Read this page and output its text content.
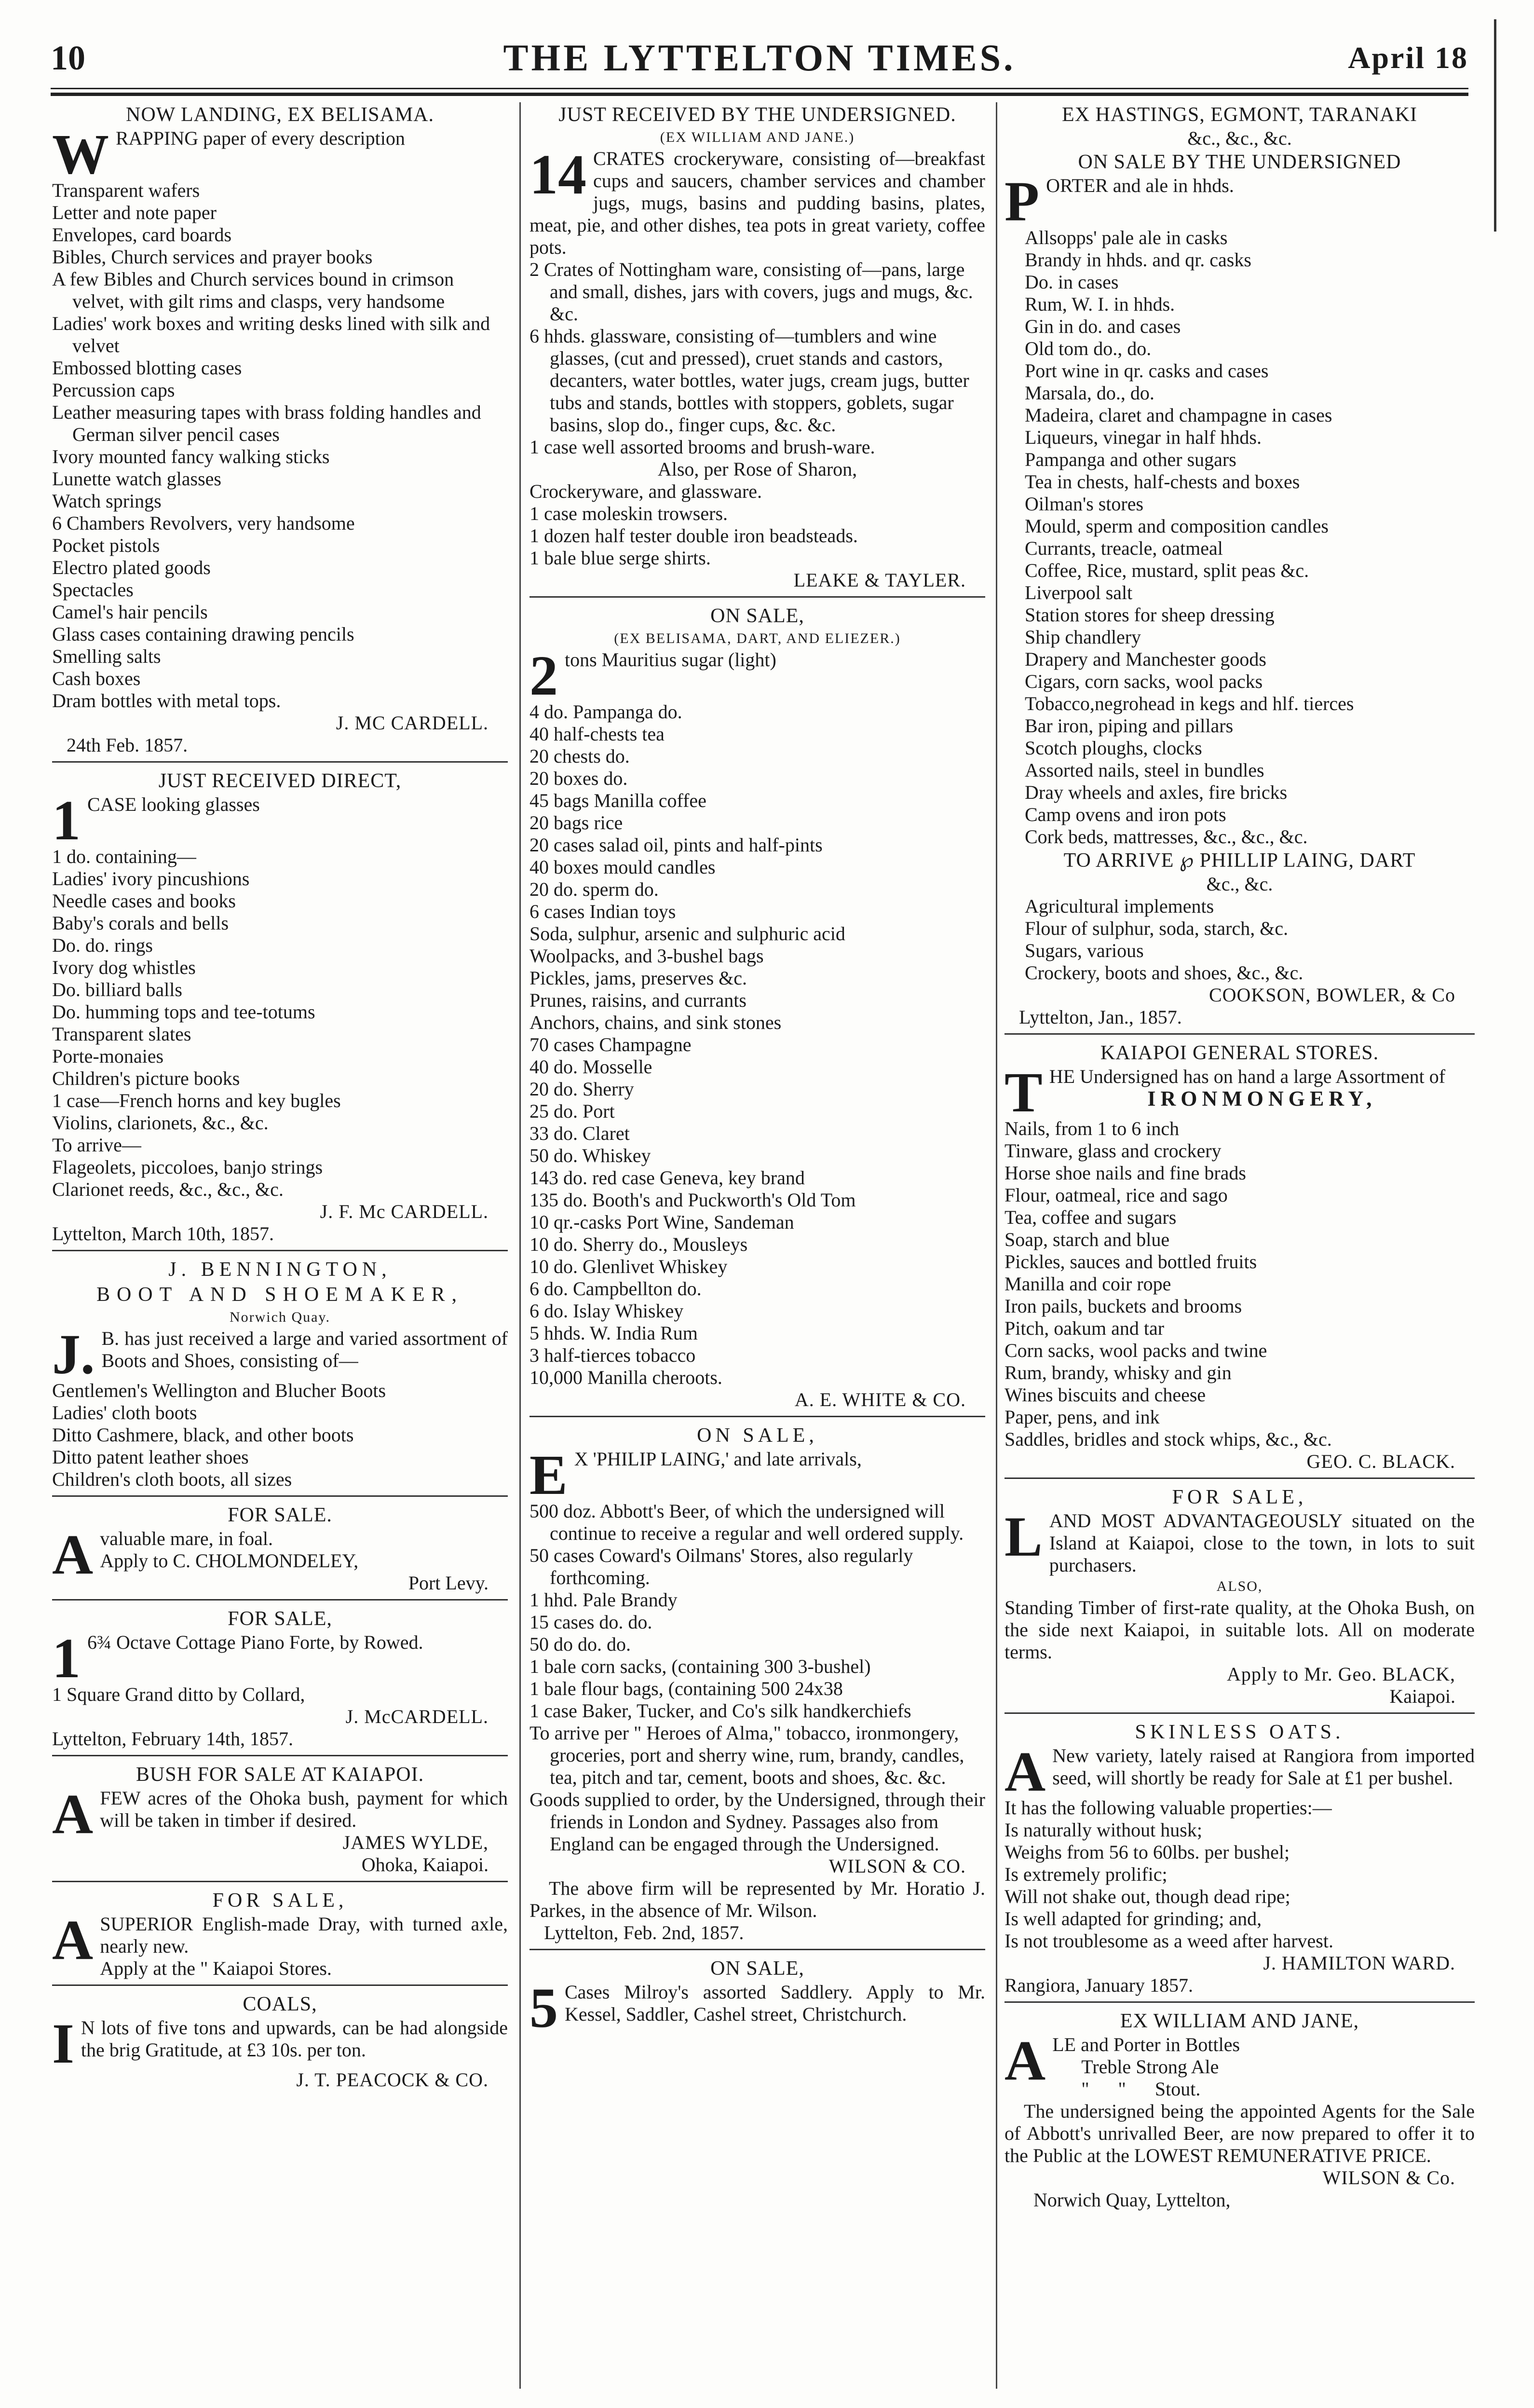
10	THE LYTTELTON TIMES.	April 18
NOW LANDING, EX BELISAMA.
WRAPPING paper of every description
Transparent wafers
Letter and note paper
Envelopes, card boards
Bibles, Church services and prayer books
A few Bibles and Church services bound in crimson velvet, with gilt rims and clasps, very handsome
Ladies' work boxes and writing desks lined with silk and velvet
Embossed blotting cases
Percussion caps
Leather measuring tapes with brass folding handles and German silver pencil cases
Ivory mounted fancy walking sticks
Lunette watch glasses
Watch springs
6 Chambers Revolvers, very handsome
Pocket pistols
Electro plated goods
Spectacles
Camel's hair pencils
Glass cases containing drawing pencils
Smelling salts
Cash boxes
Dram bottles with metal tops.
J. MC CARDELL.
24th Feb. 1857.
JUST RECEIVED DIRECT,
1 CASE looking glasses
1 do. containing—
Ladies' ivory pincushions
Needle cases and books
Baby's corals and bells
Do. do. rings
Ivory dog whistles
Do. billiard balls
Do. humming tops and tee-totums
Transparent slates
Porte-monaies
Children's picture books
1 case—French horns and key bugles
Violins, clarionets, &c., &c.
To arrive—
Flageolets, piccoloes, banjo strings
Clarionet reeds, &c., &c., &c.
J. F. Mc CARDELL.
Lyttelton, March 10th, 1857.
J. BENNINGTON,
BOOT AND SHOEMAKER,
Norwich Quay.
J. B. has just received a large and varied assortment of Boots and Shoes, consisting of—
Gentlemen's Wellington and Blucher Boots
Ladies' cloth boots
Ditto Cashmere, black, and other boots
Ditto patent leather shoes
Children's cloth boots, all sizes
FOR SALE.
Avaluable mare, in foal.
Apply to C. CHOLMONDELEY,
Port Levy.
FOR SALE,
1 6¾ Octave Cottage Piano Forte, by Rowed.
1 Square Grand ditto by Collard,
J. McCARDELL.
Lyttelton, February 14th, 1857.
BUSH FOR SALE AT KAIAPOI.
AFEW acres of the Ohoka bush, payment for which will be taken in timber if desired.
JAMES WYLDE,
Ohoka, Kaiapoi.
FOR SALE,
ASUPERIOR English-made Dray, with turned axle, nearly new.
Apply at the " Kaiapoi Stores.
COALS,
I N lots of five tons and upwards, can be had alongside the brig Gratitude, at £3 10s. per ton.
J. T. PEACOCK & CO.
JUST RECEIVED BY THE UNDERSIGNED.
(EX WILLIAM AND JANE.)
14 CRATES crockeryware, consisting of—breakfast cups and saucers, chamber services and chamber jugs, mugs, basins and pudding basins, plates, meat, pie, and other dishes, tea pots in great variety, coffee pots.
2 Crates of Nottingham ware, consisting of—pans, large and small, dishes, jars with covers, jugs and mugs, &c. &c.
6 hhds. glassware, consisting of—tumblers and wine glasses, (cut and pressed), cruet stands and castors, decanters, water bottles, water jugs, cream jugs, butter tubs and stands, bottles with stoppers, goblets, sugar basins, slop do., finger cups, &c. &c.
1 case well assorted brooms and brush-ware.
Also, per Rose of Sharon,
Crockeryware, and glassware.
1 case moleskin trowsers.
1 dozen half tester double iron beadsteads.
1 bale blue serge shirts.
LEAKE & TAYLER.
ON SALE,
(EX BELISAMA, DART, AND ELIEZER.)
2 tons Mauritius sugar (light)
4 do. Pampanga do.
40 half-chests tea
20 chests do.
20 boxes do.
45 bags Manilla coffee
20 bags rice
20 cases salad oil, pints and half-pints
40 boxes mould candles
20 do. sperm do.
6 cases Indian toys
Soda, sulphur, arsenic and sulphuric acid
Woolpacks, and 3-bushel bags
Pickles, jams, preserves &c.
Prunes, raisins, and currants
Anchors, chains, and sink stones
70 cases Champagne
40 do. Mosselle
20 do. Sherry
25 do. Port
33 do. Claret
50 do. Whiskey
143 do. red case Geneva, key brand
135 do. Booth's and Puckworth's Old Tom
10 qr.-casks Port Wine, Sandeman
10 do. Sherry do., Mousleys
10 do. Glenlivet Whiskey
6 do. Campbellton do.
6 do. Islay Whiskey
5 hhds. W. India Rum
3 half-tierces tobacco
10,000 Manilla cheroots.
A. E. WHITE & CO.
ON SALE,
E X 'PHILIP LAING,' and late arrivals,
500 doz. Abbott's Beer, of which the undersigned will continue to receive a regular and well ordered supply.
50 cases Coward's Oilmans' Stores, also regularly forthcoming.
1 hhd. Pale Brandy
15 cases do. do.
50 do do. do.
1 bale corn sacks, (containing 300 3-bushel)
1 bale flour bags, (containing 500 24x38
1 case Baker, Tucker, and Co's silk handkerchiefs
To arrive per " Heroes of Alma," tobacco, ironmongery, groceries, port and sherry wine, rum, brandy, candles, tea, pitch and tar, cement, boots and shoes, &c. &c.
Goods supplied to order, by the Undersigned, through their friends in London and Sydney. Passages also from England can be engaged through the Undersigned.
WILSON & CO.
The above firm will be represented by Mr. Horatio J. Parkes, in the absence of Mr. Wilson.
Lyttelton, Feb. 2nd, 1857.
ON SALE,
5 Cases Milroy's assorted Saddlery. Apply to Mr. Kessel, Saddler, Cashel street, Christchurch.
EX HASTINGS, EGMONT, TARANAKI
&c., &c., &c.
ON SALE BY THE UNDERSIGNED
PORTER and ale in hhds.
Allsopps' pale ale in casks
Brandy in hhds. and qr. casks
Do. in cases
Rum, W. I. in hhds.
Gin in do. and cases
Old tom do., do.
Port wine in qr. casks and cases
Marsala, do., do.
Madeira, claret and champagne in cases
Liqueurs, vinegar in half hhds.
Pampanga and other sugars
Tea in chests, half-chests and boxes
Oilman's stores
Mould, sperm and composition candles
Currants, treacle, oatmeal
Coffee, Rice, mustard, split peas &c.
Liverpool salt
Station stores for sheep dressing
Ship chandlery
Drapery and Manchester goods
Cigars, corn sacks, wool packs
Tobacco,negrohead in kegs and hlf. tierces
Bar iron, piping and pillars
Scotch ploughs, clocks
Assorted nails, steel in bundles
Dray wheels and axles, fire bricks
Camp ovens and iron pots
Cork beds, mattresses, &c., &c., &c.
TO ARRIVE ℘ PHILLIP LAING, DART
&c., &c.
Agricultural implements
Flour of sulphur, soda, starch, &c.
Sugars, various
Crockery, boots and shoes, &c., &c.
COOKSON, BOWLER, & Co
Lyttelton, Jan., 1857.
KAIAPOI GENERAL STORES.
THE Undersigned has on hand a large Assortment of
IRONMONGERY,
Nails, from 1 to 6 inch
Tinware, glass and crockery
Horse shoe nails and fine brads
Flour, oatmeal, rice and sago
Tea, coffee and sugars
Soap, starch and blue
Pickles, sauces and bottled fruits
Manilla and coir rope
Iron pails, buckets and brooms
Pitch, oakum and tar
Corn sacks, wool packs and twine
Rum, brandy, whisky and gin
Wines biscuits and cheese
Paper, pens, and ink
Saddles, bridles and stock whips, &c., &c.
GEO. C. BLACK.
FOR SALE,
LAND MOST ADVANTAGEOUSLY situated on the Island at Kaiapoi, close to the town, in lots to suit purchasers.
ALSO,
Standing Timber of first-rate quality, at the Ohoka Bush, on the side next Kaiapoi, in suitable lots. All on moderate terms.
Apply to Mr. Geo. BLACK,
Kaiapoi.
SKINLESS OATS.
A New variety, lately raised at Rangiora from imported seed, will shortly be ready for Sale at £1 per bushel.
It has the following valuable properties:—
Is naturally without husk;
Weighs from 56 to 60lbs. per bushel;
Is extremely prolific;
Will not shake out, though dead ripe;
Is well adapted for grinding; and,
Is not troublesome as a weed after harvest.
J. HAMILTON WARD.
Rangiora, January 1857.
EX WILLIAM AND JANE,
ALE and Porter in Bottles
Treble Strong Ale
"      "      Stout.
The undersigned being the appointed Agents for the Sale of Abbott's unrivalled Beer, are now prepared to offer it to the Public at the LOWEST REMUNERATIVE PRICE.
WILSON & Co.
Norwich Quay, Lyttelton,
